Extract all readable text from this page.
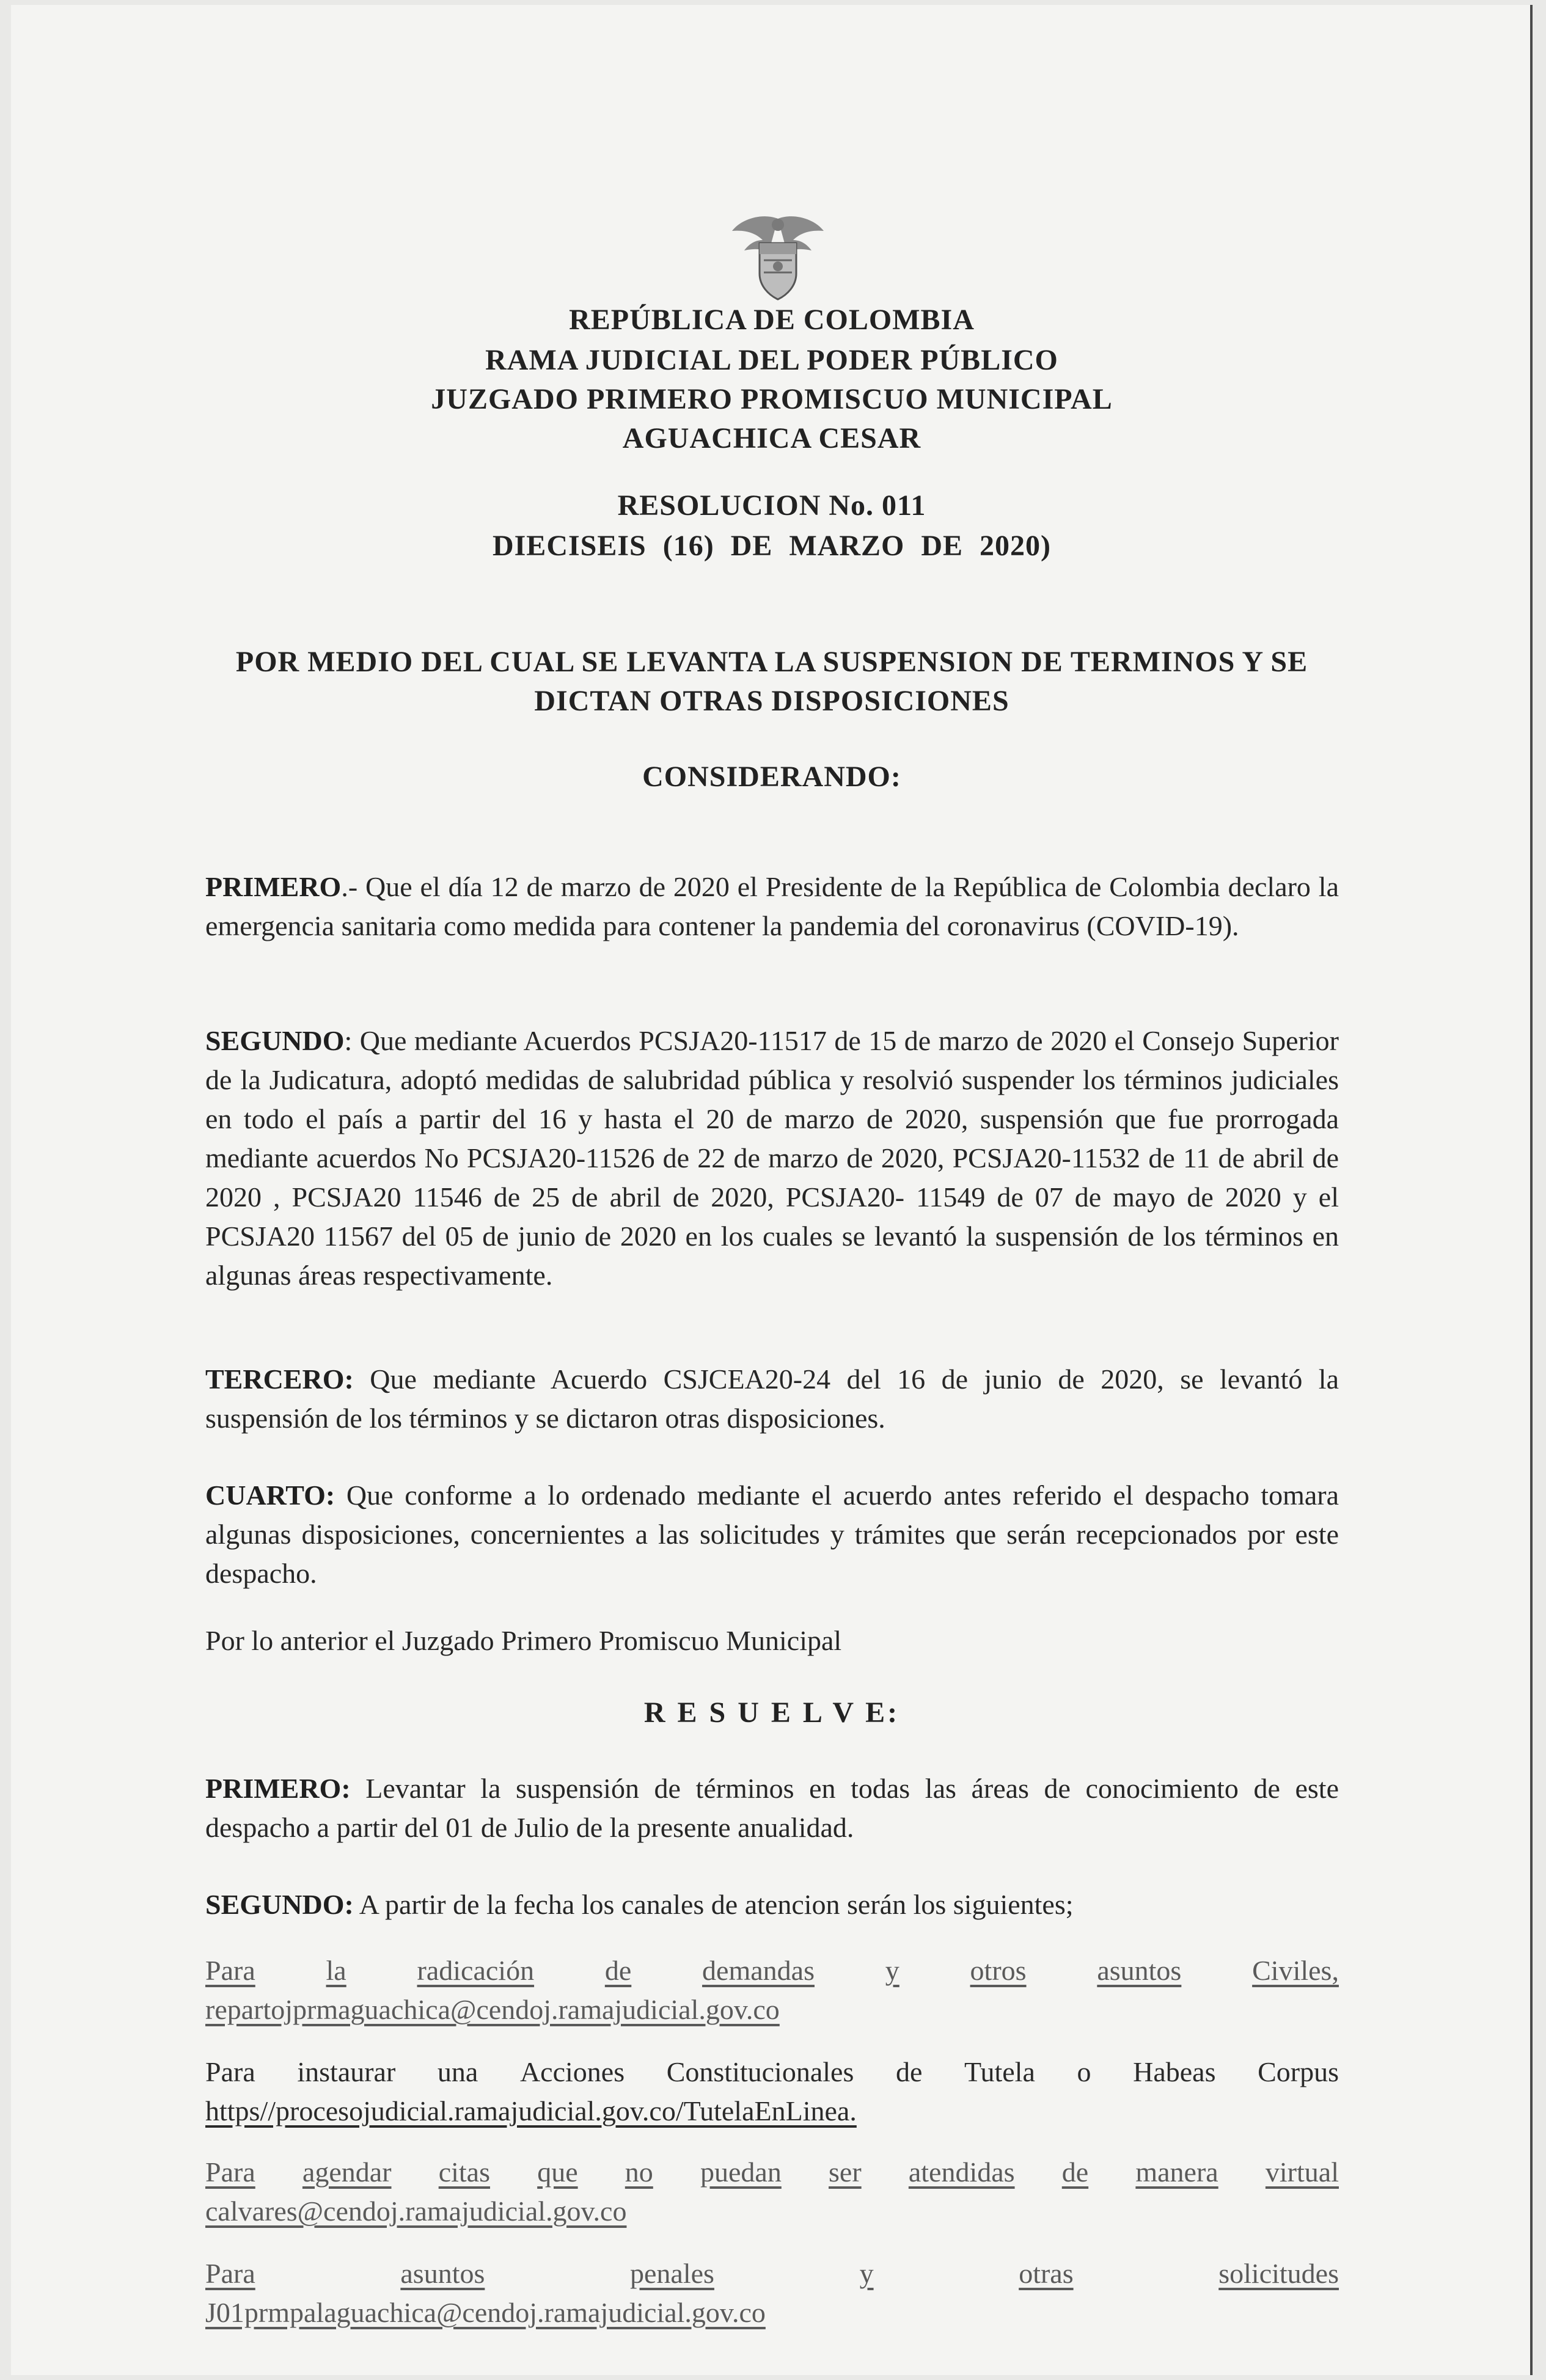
REPÚBLICA DE COLOMBIA
RAMA JUDICIAL DEL PODER PÚBLICO
JUZGADO PRIMERO PROMISCUO MUNICIPAL
AGUACHICA CESAR
RESOLUCION No. 011
DIECISEIS (16) DE MARZO DE 2020)
POR MEDIO DEL CUAL SE LEVANTA LA SUSPENSION DE TERMINOS Y SE
DICTAN OTRAS DISPOSICIONES
CONSIDERANDO:
PRIMERO.- Que el día 12 de marzo de 2020 el Presidente de la República de Colombia declaro la emergencia sanitaria como medida para contener la pandemia del coronavirus (COVID-19).
SEGUNDO: Que mediante Acuerdos PCSJA20-11517 de 15 de marzo de 2020 el Consejo Superior de la Judicatura, adoptó medidas de salubridad pública y resolvió suspender los términos judiciales en todo el país a partir del 16 y hasta el 20 de marzo de 2020, suspensión que fue prorrogada mediante acuerdos No PCSJA20-11526 de 22 de marzo de 2020, PCSJA20-11532 de 11 de abril de 2020 , PCSJA20 11546 de 25 de abril de 2020, PCSJA20- 11549 de 07 de mayo de 2020 y el PCSJA20 11567 del 05 de junio de 2020 en los cuales se levantó la suspensión de los términos en algunas áreas respectivamente.
TERCERO: Que mediante Acuerdo CSJCEA20-24 del 16 de junio de 2020, se levantó la suspensión de los términos y se dictaron otras disposiciones.
CUARTO: Que conforme a lo ordenado mediante el acuerdo antes referido el despacho tomara algunas disposiciones, concernientes a las solicitudes y trámites que serán recepcionados por este despacho.
Por lo anterior el Juzgado Primero Promiscuo Municipal
R E S U E L V E:
PRIMERO: Levantar la suspensión de términos en todas las áreas de conocimiento de este despacho a partir del 01 de Julio de la presente anualidad.
SEGUNDO: A partir de la fecha los canales de atencion serán los siguientes;
Para	la	radicación	de	demandas	y	otros	asuntos	Civiles,
repartojprmaguachica@cendoj.ramajudicial.gov.co
Para instaurar una Acciones Constitucionales de Tutela o Habeas Corpus
https//procesojudicial.ramajudicial.gov.co/TutelaEnLinea.
Para agendar citas que no puedan ser atendidas de manera virtual
calvares@cendoj.ramajudicial.gov.co
Para	asuntos	penales	y	otras	solicitudes
J01prmpalaguachica@cendoj.ramajudicial.gov.co
